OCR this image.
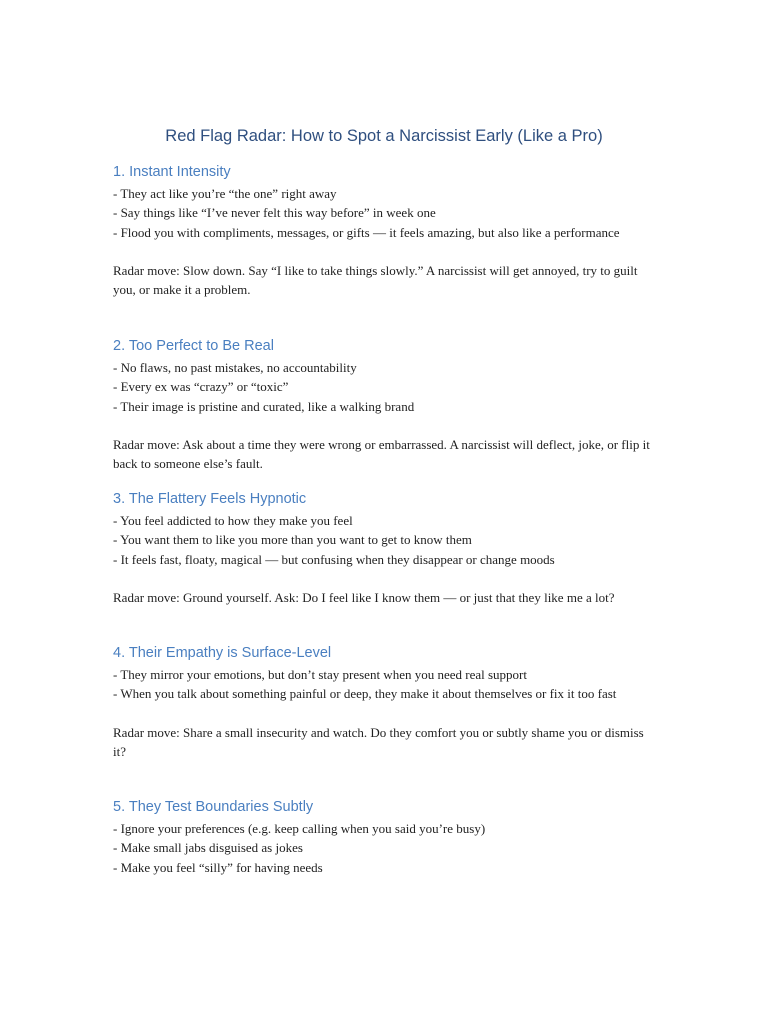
Red Flag Radar: How to Spot a Narcissist Early (Like a Pro)
1. Instant Intensity
- They act like you’re “the one” right away
- Say things like “I’ve never felt this way before” in week one
- Flood you with compliments, messages, or gifts — it feels amazing, but also like a performance

Radar move: Slow down. Say “I like to take things slowly.” A narcissist will get annoyed, try to guilt you, or make it a problem.

2. Too Perfect to Be Real
- No flaws, no past mistakes, no accountability
- Every ex was “crazy” or “toxic”
- Their image is pristine and curated, like a walking brand

Radar move: Ask about a time they were wrong or embarrassed. A narcissist will deflect, joke, or flip it back to someone else’s fault.

3. The Flattery Feels Hypnotic
- You feel addicted to how they make you feel
- You want them to like you more than you want to get to know them
- It feels fast, floaty, magical — but confusing when they disappear or change moods

Radar move: Ground yourself. Ask: Do I feel like I know them — or just that they like me a lot?

4. Their Empathy is Surface-Level
- They mirror your emotions, but don’t stay present when you need real support
- When you talk about something painful or deep, they make it about themselves or fix it too fast

Radar move: Share a small insecurity and watch. Do they comfort you or subtly shame you or dismiss it?

5. They Test Boundaries Subtly
- Ignore your preferences (e.g. keep calling when you said you’re busy)
- Make small jabs disguised as jokes
- Make you feel “silly” for having needs
